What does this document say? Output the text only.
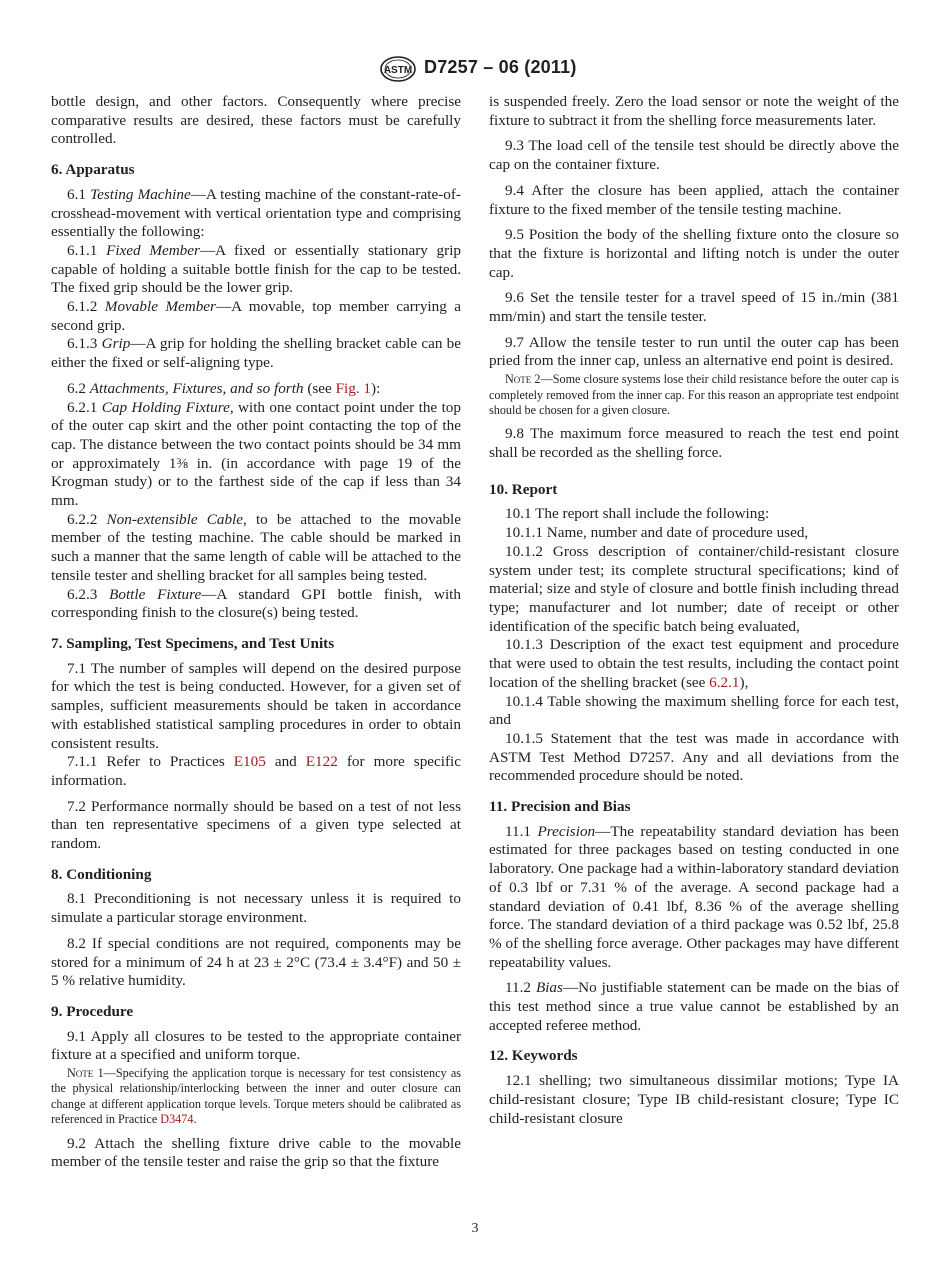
ASTM D7257 – 06 (2011)

bottle design, and other factors. Consequently where precise comparative results are desired, these factors must be carefully controlled.

6. Apparatus

6.1 Testing Machine—A testing machine of the constant-rate-of-crosshead-movement with vertical orientation type and comprising essentially the following:

6.1.1 Fixed Member—A fixed or essentially stationary grip capable of holding a suitable bottle finish for the cap to be tested. The fixed grip should be the lower grip.

6.1.2 Movable Member—A movable, top member carrying a second grip.

6.1.3 Grip—A grip for holding the shelling bracket cable can be either the fixed or self-aligning type.

6.2 Attachments, Fixtures, and so forth (see Fig. 1):

6.2.1 Cap Holding Fixture, with one contact point under the top of the outer cap skirt and the other point contacting the top of the cap. The distance between the two contact points should be 34 mm or approximately 1⅜ in. (in accordance with page 19 of the Krogman study) or to the farthest side of the cap if less than 34 mm.

6.2.2 Non-extensible Cable, to be attached to the movable member of the testing machine. The cable should be marked in such a manner that the same length of cable will be attached to the tensile tester and shelling bracket for all samples being tested.

6.2.3 Bottle Fixture—A standard GPI bottle finish, with corresponding finish to the closure(s) being tested.

7. Sampling, Test Specimens, and Test Units

7.1 The number of samples will depend on the desired purpose for which the test is being conducted. However, for a given set of samples, sufficient measurements should be taken in accordance with established statistical sampling procedures in order to obtain consistent results.

7.1.1 Refer to Practices E105 and E122 for more specific information.

7.2 Performance normally should be based on a test of not less than ten representative specimens of a given type selected at random.

8. Conditioning

8.1 Preconditioning is not necessary unless it is required to simulate a particular storage environment.

8.2 If special conditions are not required, components may be stored for a minimum of 24 h at 23 ± 2°C (73.4 ± 3.4°F) and 50 ± 5 % relative humidity.

9. Procedure

9.1 Apply all closures to be tested to the appropriate container fixture at a specified and uniform torque.

Note 1—Specifying the application torque is necessary for test consistency as the physical relationship/interlocking between the inner and outer closure can change at different application torque levels. Torque meters should be calibrated as referenced in Practice D3474.

9.2 Attach the shelling fixture drive cable to the movable member of the tensile tester and raise the grip so that the fixture

is suspended freely. Zero the load sensor or note the weight of the fixture to subtract it from the shelling force measurements later.

9.3 The load cell of the tensile test should be directly above the cap on the container fixture.

9.4 After the closure has been applied, attach the container fixture to the fixed member of the tensile testing machine.

9.5 Position the body of the shelling fixture onto the closure so that the fixture is horizontal and lifting notch is under the outer cap.

9.6 Set the tensile tester for a travel speed of 15 in./min (381 mm/min) and start the tensile tester.

9.7 Allow the tensile tester to run until the outer cap has been pried from the inner cap, unless an alternative end point is desired.

Note 2—Some closure systems lose their child resistance before the outer cap is completely removed from the inner cap. For this reason an appropriate test endpoint should be chosen for a given closure.

9.8 The maximum force measured to reach the test end point shall be recorded as the shelling force.

10. Report

10.1 The report shall include the following:

10.1.1 Name, number and date of procedure used,

10.1.2 Gross description of container/child-resistant closure system under test; its complete structural specifications; kind of material; size and style of closure and bottle finish including thread type; manufacturer and lot number; date of receipt or other identification of the specific batch being evaluated,

10.1.3 Description of the exact test equipment and procedure that were used to obtain the test results, including the contact point location of the shelling bracket (see 6.2.1),

10.1.4 Table showing the maximum shelling force for each test, and

10.1.5 Statement that the test was made in accordance with ASTM Test Method D7257. Any and all deviations from the recommended procedure should be noted.

11. Precision and Bias

11.1 Precision—The repeatability standard deviation has been estimated for three packages based on testing conducted in one laboratory. One package had a within-laboratory standard deviation of 0.3 lbf or 7.31 % of the average. A second package had a standard deviation of 0.41 lbf, 8.36 % of the average shelling force. The standard deviation of a third package was 0.52 lbf, 25.8 % of the shelling force average. Other packages may have different repeatability values.

11.2 Bias—No justifiable statement can be made on the bias of this test method since a true value cannot be established by an accepted referee method.

12. Keywords

12.1 shelling; two simultaneous dissimilar motions; Type IA child-resistant closure; Type IB child-resistant closure; Type IC child-resistant closure

3
